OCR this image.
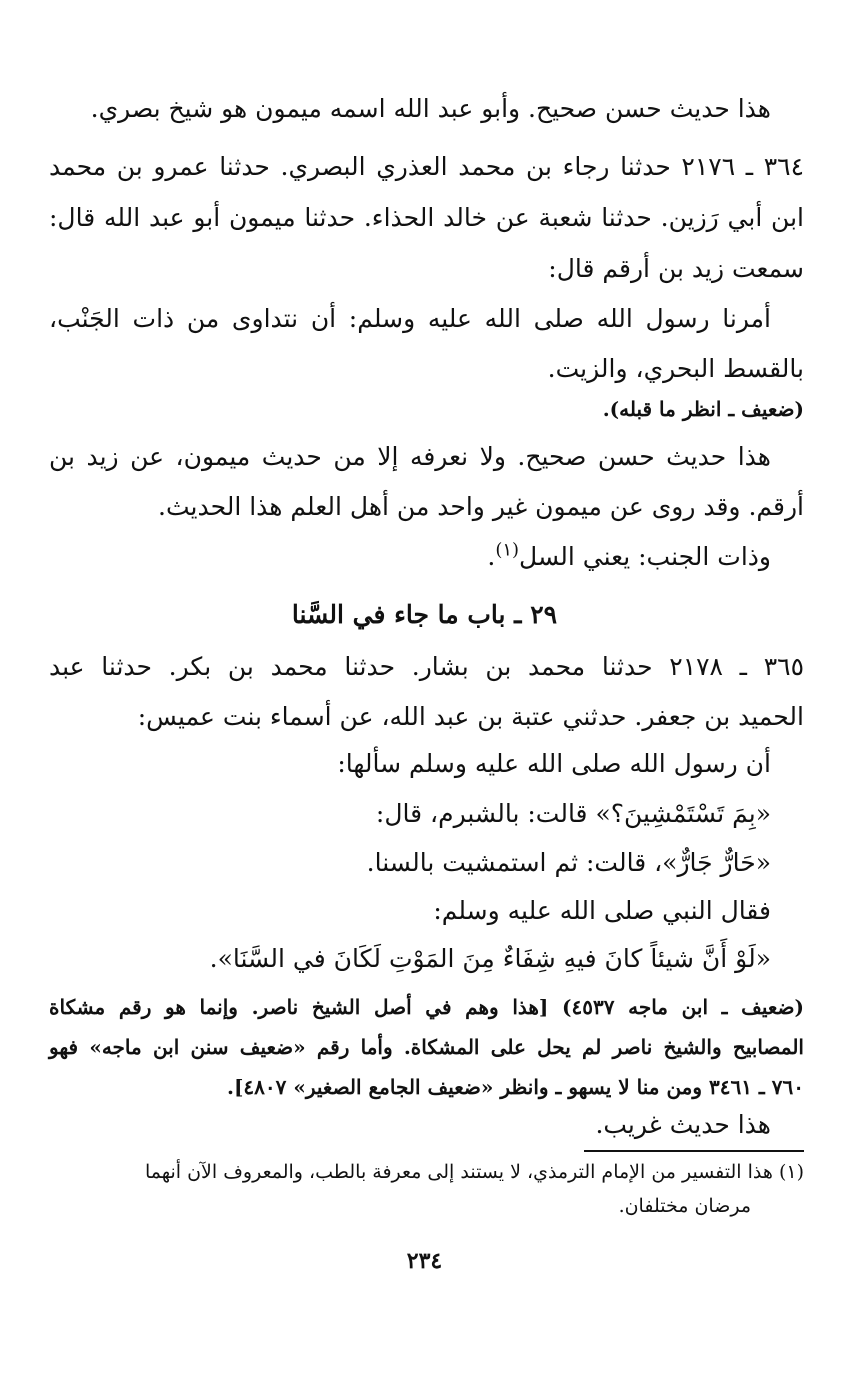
هذا حديث حسن صحيح. وأبو عبد الله اسمه ميمون هو شيخ بصري.
٣٦٤ ـ ٢١٧٦ حدثنا رجاء بن محمد العذري البصري. حدثنا عمرو بن محمد
ابن أبي رَزين. حدثنا شعبة عن خالد الحذاء. حدثنا ميمون أبو عبد الله قال:
سمعت زيد بن أرقم قال:
أمرنا رسول الله صلى الله عليه وسلم: أن نتداوى من ذات الجَنْب،
بالقسط البحري، والزيت.
(ضعيف ـ انظر ما قبله).
هذا حديث حسن صحيح. ولا نعرفه إلا من حديث ميمون، عن زيد بن
أرقم. وقد روى عن ميمون غير واحد من أهل العلم هذا الحديث.
وذات الجنب: يعني السل$^{(١)}$.
٢٩ ـ باب ما جاء في السَّنا
٣٦٥ ـ ٢١٧٨ حدثنا محمد بن بشار. حدثنا محمد بن بكر. حدثنا عبد
الحميد بن جعفر. حدثني عتبة بن عبد الله، عن أسماء بنت عميس:
أن رسول الله صلى الله عليه وسلم سألها:
«بِمَ تَسْتَمْشِينَ؟» قالت: بالشبرم، قال:
«حَارٌّ جَارٌّ»، قالت: ثم استمشيت بالسنا.
فقال النبي صلى الله عليه وسلم:
«لَوْ أَنَّ شيئاً كانَ فيهِ شِفَاءٌ مِنَ المَوْتِ لَكَانَ في السَّنَا».
(ضعيف ـ ابن ماجه ٤٥٣٧) [هذا وهم في أصل الشيخ ناصر. وإنما هو رقم مشكاة
المصابيح والشيخ ناصر لم يحل على المشكاة. وأما رقم «ضعيف سنن ابن ماجه» فهو
٧٦٠ ـ ٣٤٦١ ومن منا لا يسهو ـ وانظر «ضعيف الجامع الصغير» ٤٨٠٧].
هذا حديث غريب.
(١) هذا التفسير من الإمام الترمذي، لا يستند إلى معرفة بالطب، والمعروف الآن أنهما
مرضان مختلفان.
٢٣٤
